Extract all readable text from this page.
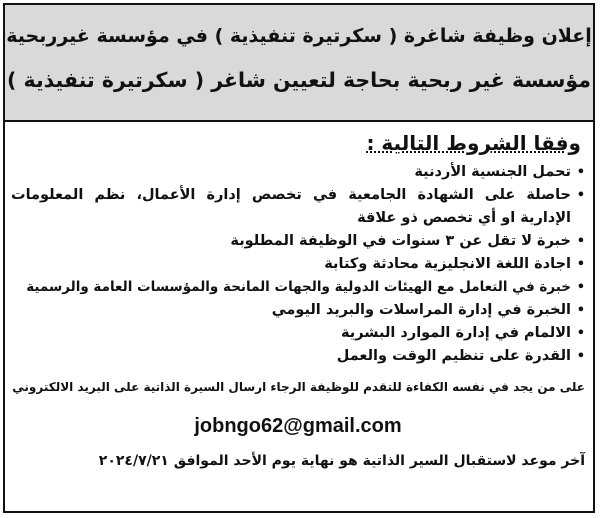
إعلان وظيفة شاغرة ( سكرتيرة تنفيذية ) في مؤسسة غيرربحية
مؤسسة غير ربحية بحاجة لتعيين شاغر ( سكرتيرة تنفيذية )
وفقا الشروط التالية :
•
تحمل الجنسية الأردنية
•
حاصلة على الشهادة الجامعية في تخصص إدارة الأعمال، نظم المعلومات الإدارية او أي تخصص ذو علاقة
•
خبرة لا تقل عن ٣ سنوات في الوظيفة المطلوبة
•
اجادة اللغة الانجليزية محادثة وكتابة
•
خبرة في التعامل مع الهيئات الدولية والجهات المانحة والمؤسسات العامة والرسمية
•
الخبرة في إدارة المراسلات والبريد اليومي
•
الالمام في إدارة الموارد البشرية
•
القدرة على تنظيم الوقت والعمل
على من يجد في نفسه الكفاءة للتقدم للوظيفة الرجاء ارسال السيرة الذاتية على البريد الالكتروني
jobngo62@gmail.com
آخر موعد لاستقبال السير الذاتية هو نهاية يوم الأحد الموافق ٢٠٢٤/٧/٢١
